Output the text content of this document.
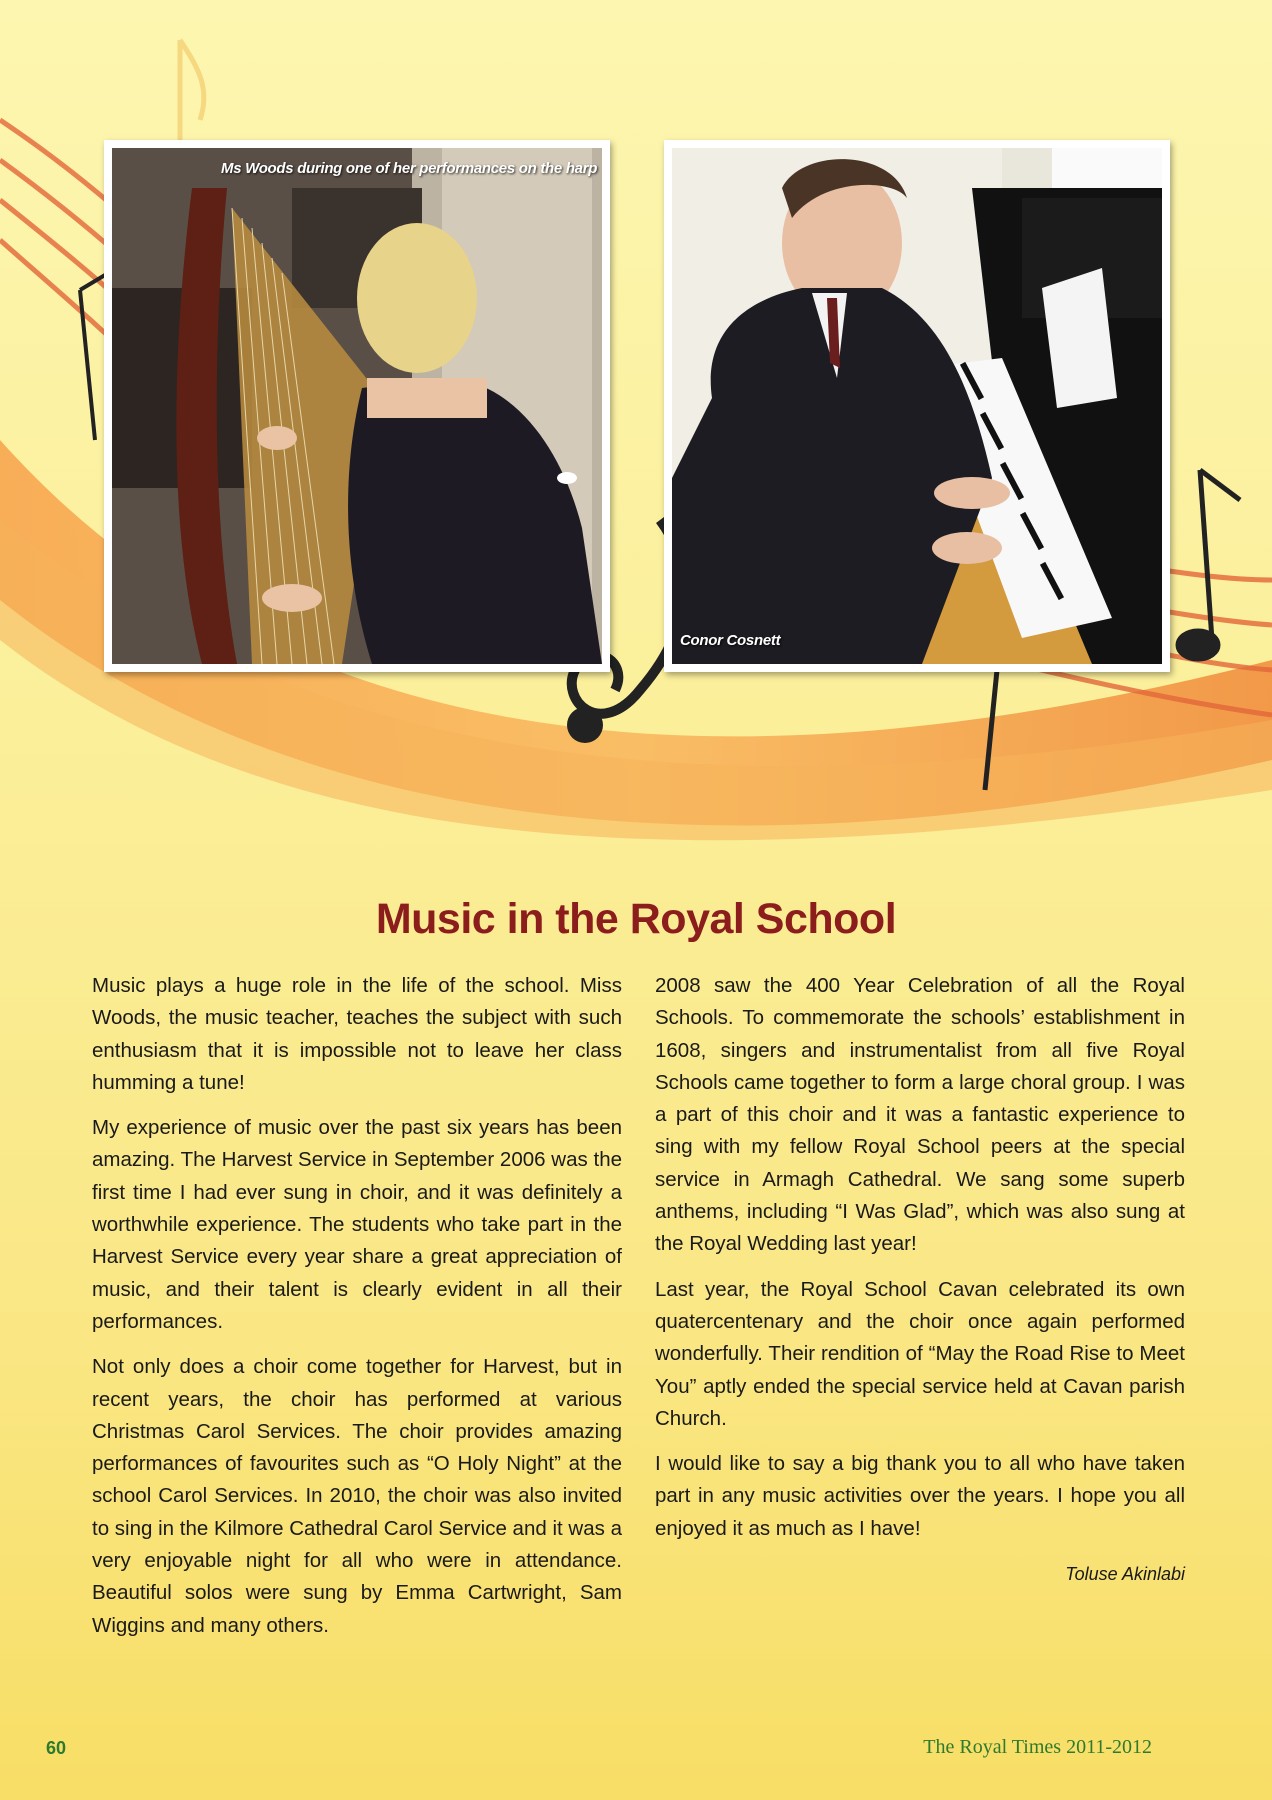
Ms Woods during one of her performances on the harp
Conor Cosnett
Music in the Royal School

Music plays a huge role in the life of the school. Miss Woods, the music teacher, teaches the subject with such enthusiasm that it is impossible not to leave her class humming a tune!

My experience of music over the past six years has been amazing. The Harvest Service in September 2006 was the first time I had ever sung in choir, and it was definitely a worthwhile experience. The students who take part in the Harvest Service every year share a great appreciation of music, and their talent is clearly evident in all their performances.

Not only does a choir come together for Harvest, but in recent years, the choir has performed at various Christmas Carol Services. The choir provides amazing performances of favourites such as “O Holy Night” at the school Carol Services. In 2010, the choir was also invited to sing in the Kilmore Cathedral Carol Service and it was a very enjoyable night for all who were in attendance. Beautiful solos were sung by Emma Cartwright, Sam Wiggins and many others.

2008 saw the 400 Year Celebration of all the Royal Schools. To commemorate the schools’ establishment in 1608, singers and instrumentalist from all five Royal Schools came together to form a large choral group. I was a part of this choir and it was a fantastic experience to sing with my fellow Royal School peers at the special service in Armagh Cathedral. We sang some superb anthems, including “I Was Glad”, which was also sung at the Royal Wedding last year!

Last year, the Royal School Cavan celebrated its own quatercentenary and the choir once again performed wonderfully. Their rendition of “May the Road Rise to Meet You” aptly ended the special service held at Cavan parish Church.

I would like to say a big thank you to all who have taken part in any music activities over the years. I hope you all enjoyed it as much as I have!

Toluse Akinlabi
60	The Royal Times 2011-2012
